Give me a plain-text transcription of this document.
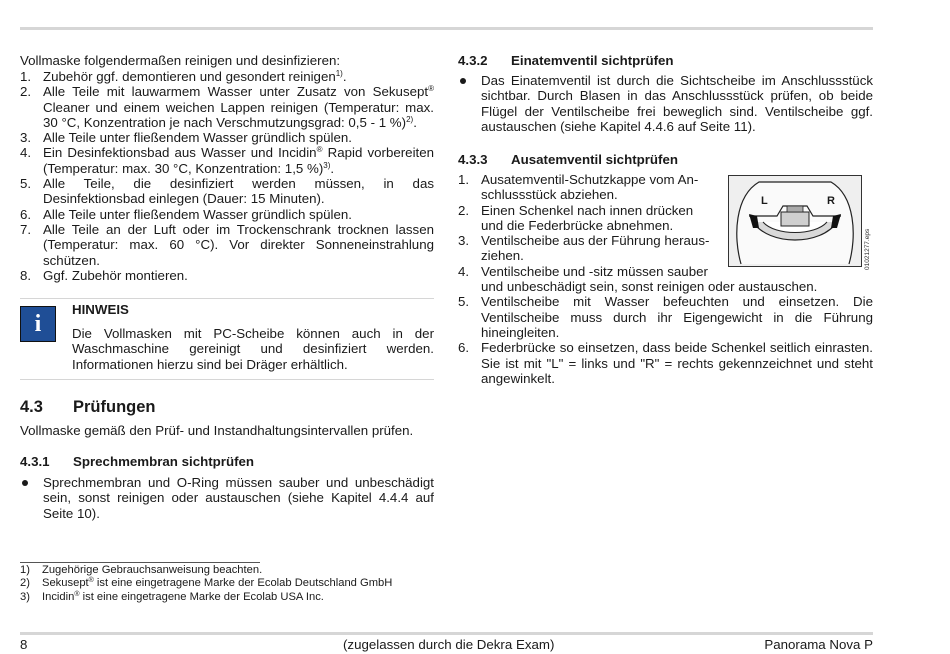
Vollmaske folgendermaßen reinigen und desinfizieren:

1. Zubehör ggf. demontieren und gesondert reinigen$^{1)}$.
2. Alle Teile mit lauwarmem Wasser unter Zusatz von Sekusept® Cleaner und einem weichen Lappen reinigen (Temperatur: max. 30 °C, Konzentration je nach Verschmutzungsgrad: 0,5 - 1 %)$^{2)}$.
3. Alle Teile unter fließendem Wasser gründlich spülen.
4. Ein Desinfektionsbad aus Wasser und Incidin® Rapid vorbereiten (Temperatur: max. 30 °C, Konzentration: 1,5 %)$^{3)}$.
5. Alle Teile, die desinfiziert werden müssen, in das Desinfektionsbad einlegen (Dauer: 15 Minuten).
6. Alle Teile unter fließendem Wasser gründlich spülen.
7. Alle Teile an der Luft oder im Trockenschrank trocknen lassen (Temperatur: max. 60 °C). Vor direkter Sonneneinstrahlung schützen.
8. Ggf. Zubehör montieren.
i
HINWEIS

Die Vollmasken mit PC-Scheibe können auch in der Waschmaschine gereinigt und desinfiziert werden. Informationen hierzu sind bei Dräger erhältlich.

4.3	Prüfungen

Vollmaske gemäß den Prüf- und Instandhaltungsintervallen prüfen.

4.3.1	Sprechmembran sichtprüfen
Sprechmembran und O-Ring müssen sauber und unbeschädigt sein, sonst reinigen oder austauschen (siehe Kapitel 4.4.4 auf Seite 10).
4.3.2	Einatemventil sichtprüfen
Das Einatemventil ist durch die Sichtscheibe im Anschlussstück sichtbar. Durch Blasen in das Anschlussstück prüfen, ob beide Flügel der Ventilscheibe frei beweglich sind. Ventilscheibe ggf. austauschen (siehe Kapitel 4.4.6 auf Seite 11).
4.3.3	Ausatemventil sichtprüfen
1. Ausatemventil-Schutzkappe vom An-
schlussstück abziehen.
2. Einen Schenkel nach innen drücken
und die Federbrücke abnehmen.
3. Ventilscheibe aus der Führung heraus-
ziehen.
4. Ventilscheibe und -sitz müssen sauber
und unbeschädigt sein, sonst reinigen oder austauschen.
5. Ventilscheibe mit Wasser befeuchten und einsetzen. Die Ventilscheibe muss durch ihr Eigengewicht in die Führung hineingleiten.
6. Federbrücke so einsetzen, dass beide Schenkel seitlich einrasten. Sie ist mit "L" = links und "R" = rechts gekennzeichnet und steht angewinkelt.
L	R
01021277.eps
1)	Zugehörige Gebrauchsanweisung beachten.
2)	Sekusept® ist eine eingetragene Marke der Ecolab Deutschland GmbH
3)	Incidin® ist eine eingetragene Marke der Ecolab USA Inc.
8	(zugelassen durch die Dekra Exam)	Panorama Nova P
